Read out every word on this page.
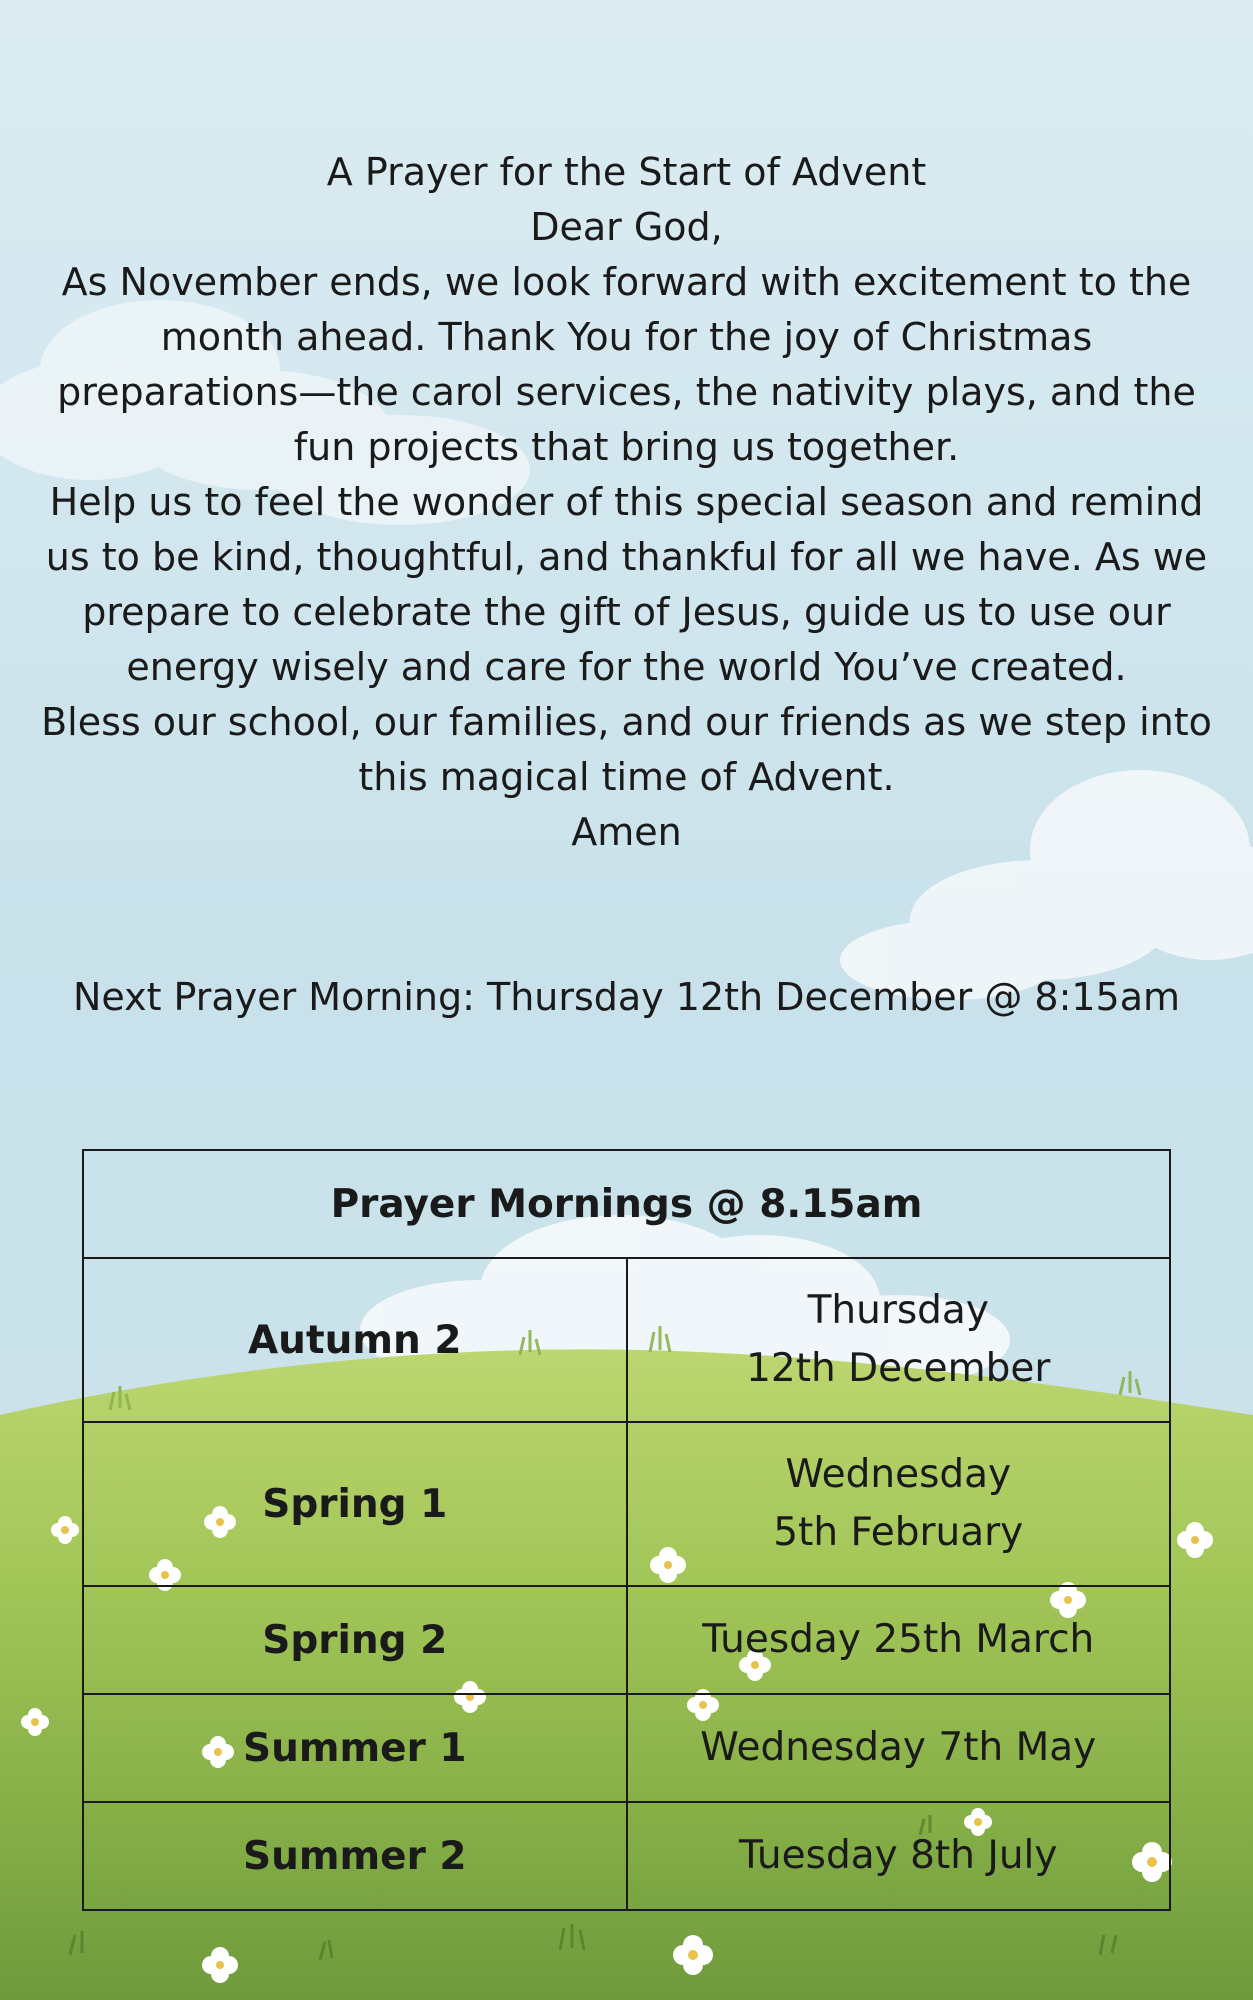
A Prayer for the Start of Advent
Dear God,
As November ends, we look forward with excitement to the
month ahead. Thank You for the joy of Christmas
preparations—the carol services, the nativity plays, and the
fun projects that bring us together.
Help us to feel the wonder of this special season and remind
us to be kind, thoughtful, and thankful for all we have. As we
prepare to celebrate the gift of Jesus, guide us to use our
energy wisely and care for the world You’ve created.
Bless our school, our families, and our friends as we step into
this magical time of Advent.
Amen
Next Prayer Morning: Thursday 12th December @ 8:15am
Prayer Mornings @ 8.15am	
Autumn 2	Thursday
12th December

Spring 1	Wednesday
5th February

Spring 2	Tuesday 25th March
Summer 1	Wednesday 7th May
Summer 2	Tuesday 8th July
